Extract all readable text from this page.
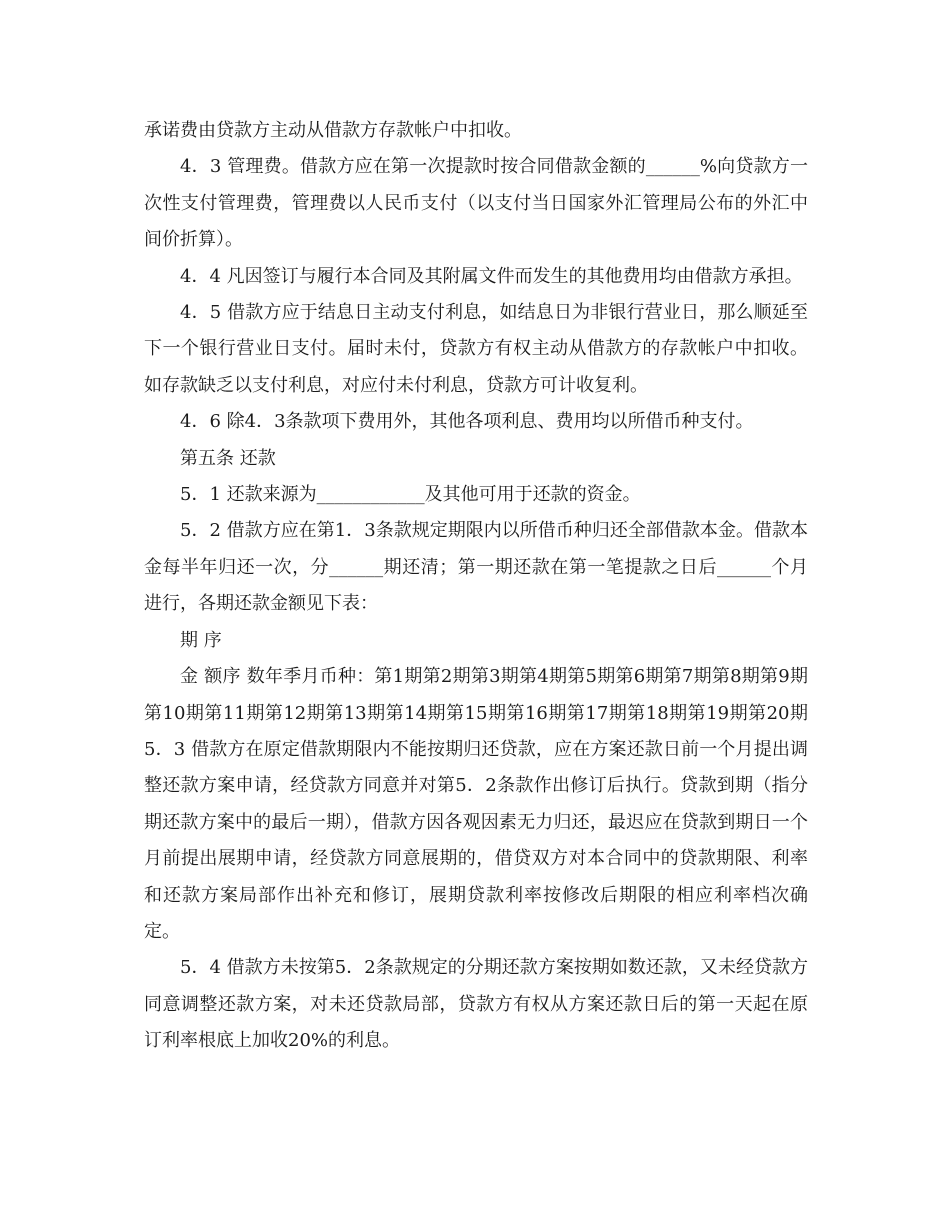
承诺费由贷款方主动从借款方存款帐户中扣收。

4．3 管理费。借款方应在第一次提款时按合同借款金额的______%向贷款方一次性支付管理费，管理费以人民币支付（以支付当日国家外汇管理局公布的外汇中间价折算）。

4．4 凡因签订与履行本合同及其附属文件而发生的其他费用均由借款方承担。

4．5 借款方应于结息日主动支付利息，如结息日为非银行营业日，那么顺延至下一个银行营业日支付。届时未付，贷款方有权主动从借款方的存款帐户中扣收。如存款缺乏以支付利息，对应付未付利息，贷款方可计收复利。

4．6 除4．3条款项下费用外，其他各项利息、费用均以所借币种支付。

第五条 还款

5．1 还款来源为____________及其他可用于还款的资金。

5．2 借款方应在第1．3条款规定期限内以所借币种归还全部借款本金。借款本金每半年归还一次，分______期还清；第一期还款在第一笔提款之日后______个月进行，各期还款金额见下表：

期 序

金 额序 数年季月币种：第1期第2期第3期第4期第5期第6期第7期第8期第9期第10期第11期第12期第13期第14期第15期第16期第17期第18期第19期第20期 5．3 借款方在原定借款期限内不能按期归还贷款，应在方案还款日前一个月提出调整还款方案申请，经贷款方同意并对第5．2条款作出修订后执行。贷款到期（指分期还款方案中的最后一期），借款方因各观因素无力归还，最迟应在贷款到期日一个月前提出展期申请，经贷款方同意展期的，借贷双方对本合同中的贷款期限、利率和还款方案局部作出补充和修订，展期贷款利率按修改后期限的相应利率档次确定。

5．4 借款方未按第5．2条款规定的分期还款方案按期如数还款，又未经贷款方同意调整还款方案，对未还贷款局部，贷款方有权从方案还款日后的第一天起在原订利率根底上加收20%的利息。
